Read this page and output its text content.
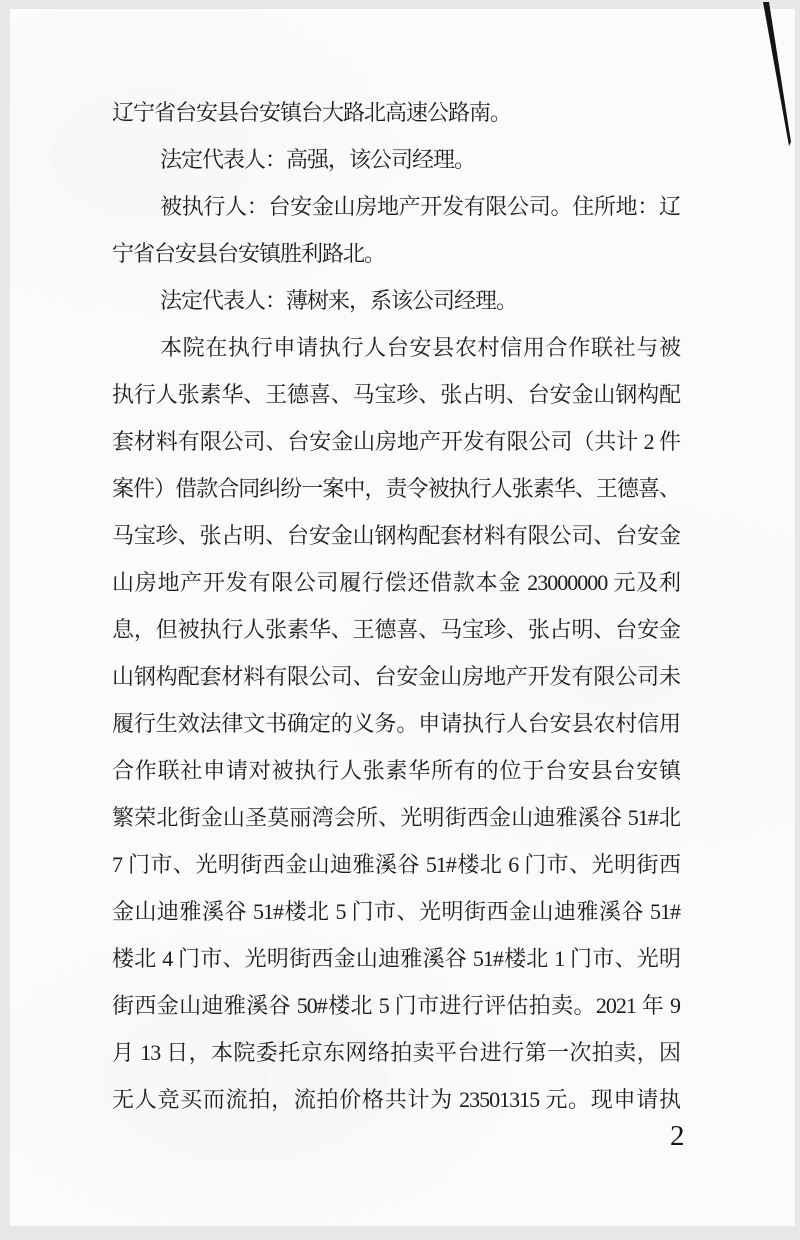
辽宁省台安县台安镇台大路北高速公路南。
法定代表人：高强，该公司经理。
被执行人：台安金山房地产开发有限公司。住所地：辽
宁省台安县台安镇胜利路北。
法定代表人：薄树来，系该公司经理。
本院在执行申请执行人台安县农村信用合作联社与被
执行人张素华、王德喜、马宝珍、张占明、台安金山钢构配
套材料有限公司、台安金山房地产开发有限公司（共计 2 件
案件）借款合同纠纷一案中，责令被执行人张素华、王德喜、
马宝珍、张占明、台安金山钢构配套材料有限公司、台安金
山房地产开发有限公司履行偿还借款本金 23000000 元及利
息，但被执行人张素华、王德喜、马宝珍、张占明、台安金
山钢构配套材料有限公司、台安金山房地产开发有限公司未
履行生效法律文书确定的义务。申请执行人台安县农村信用
合作联社申请对被执行人张素华所有的位于台安县台安镇
繁荣北街金山圣莫丽湾会所、光明街西金山迪雅溪谷 51#北
7 门市、光明街西金山迪雅溪谷 51#楼北 6 门市、光明街西
金山迪雅溪谷 51#楼北 5 门市、光明街西金山迪雅溪谷 51#
楼北 4 门市、光明街西金山迪雅溪谷 51#楼北 1 门市、光明
街西金山迪雅溪谷 50#楼北 5 门市进行评估拍卖。2021 年 9
月 13 日，本院委托京东网络拍卖平台进行第一次拍卖，因
无人竞买而流拍，流拍价格共计为 23501315 元。现申请执
2
